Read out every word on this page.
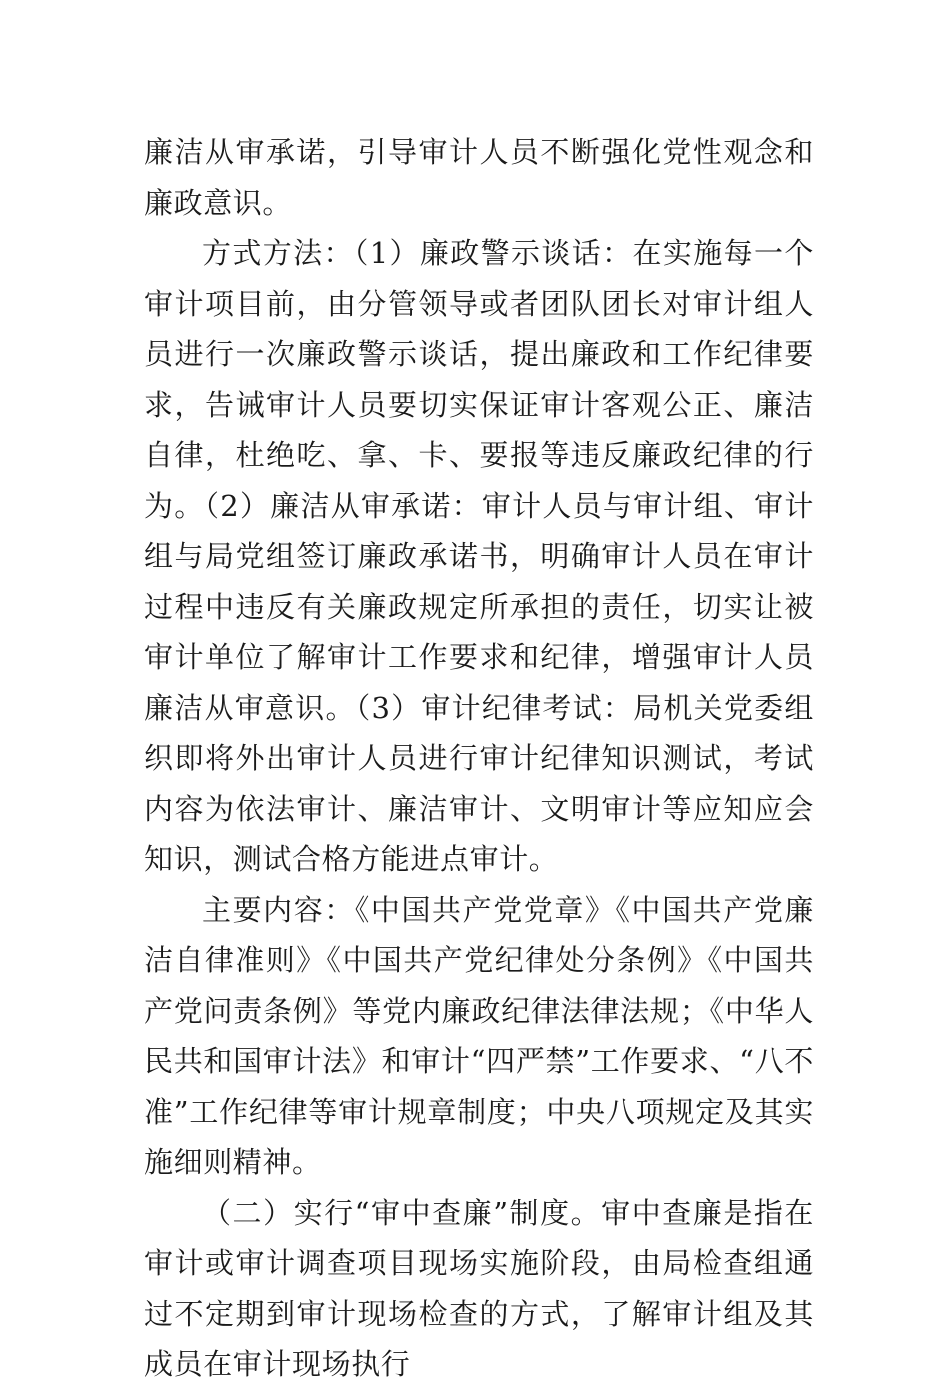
廉洁从审承诺，引导审计人员不断强化党性观念和廉政意识。

方式方法：（1）廉政警示谈话：在实施每一个审计项目前，由分管领导或者团队团长对审计组人员进行一次廉政警示谈话，提出廉政和工作纪律要求，告诫审计人员要切实保证审计客观公正、廉洁自律，杜绝吃、拿、卡、要报等违反廉政纪律的行为。（2）廉洁从审承诺：审计人员与审计组、审计组与局党组签订廉政承诺书，明确审计人员在审计过程中违反有关廉政规定所承担的责任，切实让被审计单位了解审计工作要求和纪律，增强审计人员廉洁从审意识。（3）审计纪律考试：局机关党委组织即将外出审计人员进行审计纪律知识测试，考试内容为依法审计、廉洁审计、文明审计等应知应会知识，测试合格方能进点审计。

主要内容：《中国共产党党章》《中国共产党廉洁自律准则》《中国共产党纪律处分条例》《中国共产党问责条例》等党内廉政纪律法律法规；《中华人民共和国审计法》和审计“四严禁”工作要求、“八不准”工作纪律等审计规章制度；中央八项规定及其实施细则精神。

（二）实行“审中查廉”制度。审中查廉是指在审计或审计调查项目现场实施阶段，由局检查组通过不定期到审计现场检查的方式，了解审计组及其成员在审计现场执行
